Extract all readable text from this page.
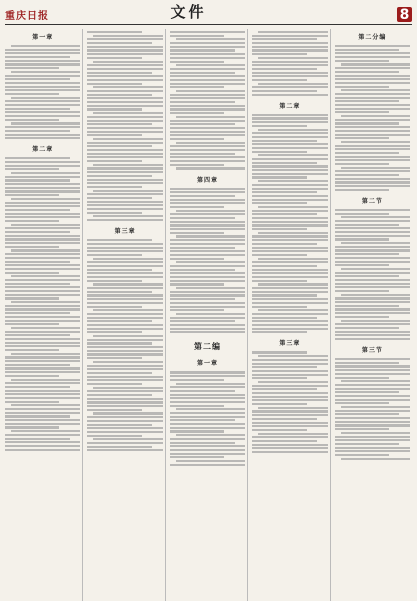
重庆日报	文件	8
第一章
第二章
第三章
第四章
第二编
第一章
第二章
第三章
第二分编
第二节
第三节
